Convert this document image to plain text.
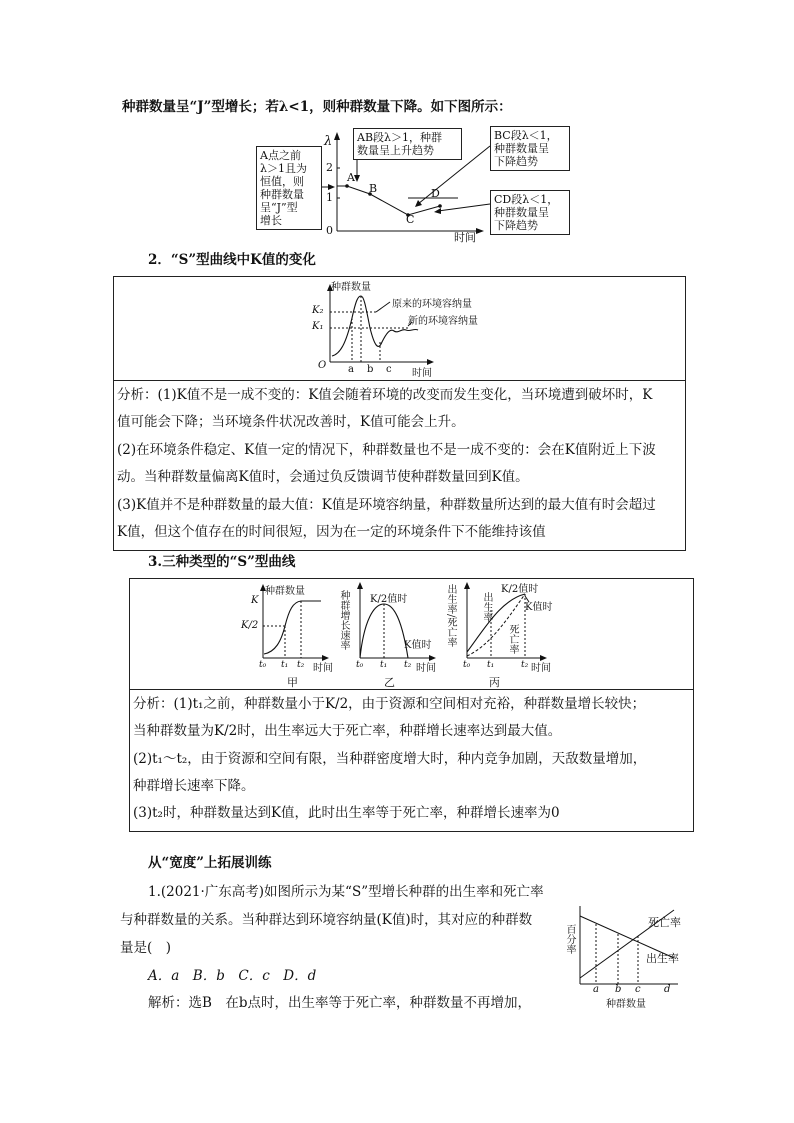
种群数量呈“J”型增长；若λ<1，则种群数量下降。如下图所示：
λ
2
1
0
时间
A
B
C
D
A点之前
λ＞1且为
恒值，则
种群数量
呈“J”型
增长
AB段λ＞1，种群
数量呈上升趋势
BC段λ＜1，
种群数量呈
下降趋势
CD段λ＜1，
种群数量呈
下降趋势
2．“S”型曲线中K值的变化
种群数量
K₂
K₁
O a b c 时间
原来的环境容纳量
新的环境容纳量
分析：(1)K值不是一成不变的：K值会随着环境的改变而发生变化，当环境遭到破坏时，K
值可能会下降；当环境条件状况改善时，K值可能会上升。
(2)在环境条件稳定、K值一定的情况下，种群数量也不是一成不变的：会在K值附近上下波
动。当种群数量偏离K值时，会通过负反馈调节使种群数量回到K值。
(3)K值并不是种群数量的最大值：K值是环境容纳量，种群数量所达到的最大值有时会超过
K值，但这个值存在的时间很短，因为在一定的环境条件下不能维持该值
3.三种类型的“S”型曲线
种群数量
K
K/2
t₀ t₁ t₂ 时间
甲
种群增长速率 K/2值时
K值时
t₀ t₁ t₂ 时间
乙
出生率/死亡率	K/2值时
K值时
出生率
死亡率
t₀ t₁	t₂ 时间
丙
分析：(1)t₁之前，种群数量小于K/2，由于资源和空间相对充裕，种群数量增长较快；
当种群数量为K/2时，出生率远大于死亡率，种群增长速率达到最大值。
(2)t₁～t₂，由于资源和空间有限，当种群密度增大时，种内竞争加剧，天敌数量增加，
种群增长速率下降。
(3)t₂时，种群数量达到K值，此时出生率等于死亡率，种群增长速率为0
从“宽度”上拓展训练
1.(2021·广东高考)如图所示为某“S”型增长种群的出生率和死亡率
与种群数量的关系。当种群达到环境容纳量(K值)时，其对应的种群数
量是(　)
A．a　B．b　C．c　D．d
解析：选B　在b点时，出生率等于死亡率，种群数量不再增加，
百分率
死亡率
出生率
a b c d
种群数量
